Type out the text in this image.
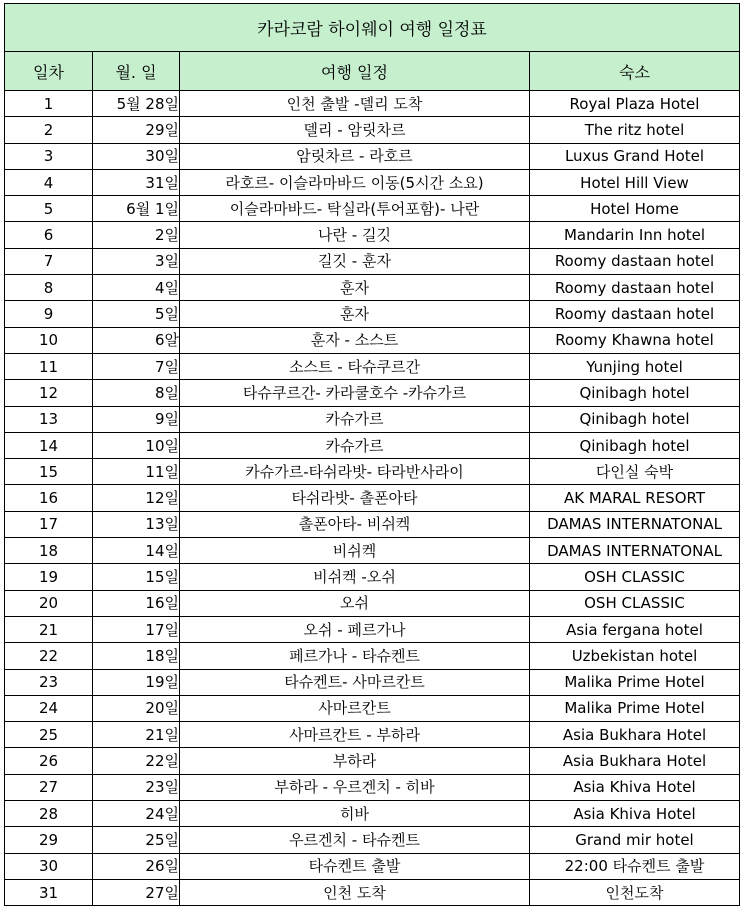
카라코람 하이웨이 여행 일정표			
일차	월. 일	여행 일정	숙소
1	5월 28일	인천 출발 -델리 도착	Royal Plaza Hotel
2	29일	델리 - 암릿차르	The ritz hotel
3	30일	암릿차르 - 라호르	Luxus Grand Hotel
4	31일	라호르- 이슬라마바드 이동(5시간 소요)	Hotel Hill View
5	6월 1일	이슬라마바드- 탁실라(투어포함)- 나란	Hotel Home
6	2일	나란 - 길깃	Mandarin Inn hotel
7	3일	길깃 - 훈자	Roomy dastaan hotel
8	4일	훈자	Roomy dastaan hotel
9	5일	훈자	Roomy dastaan hotel
10	6알	훈자 - 소스트	Roomy Khawna hotel
11	7일	소스트 - 타슈쿠르간	Yunjing hotel
12	8일	타슈쿠르간- 카라쿨호수 -카슈가르	Qinibagh hotel
13	9일	카슈가르	Qinibagh hotel
14	10일	카슈가르	Qinibagh hotel
15	11일	카슈가르-타쉬라밧- 타라반사라이	다인실 숙박
16	12일	타쉬라밧- 촐폰아타	AK MARAL RESORT
17	13일	촐폰아타- 비쉬켁	DAMAS INTERNATONAL
18	14일	비쉬켁	DAMAS INTERNATONAL
19	15일	비쉬켁 -오쉬	OSH CLASSIC
20	16일	오쉬	OSH CLASSIC
21	17일	오쉬 - 페르가나	Asia fergana hotel
22	18일	페르가나 - 타슈켄트	Uzbekistan hotel
23	19일	타슈켄트- 사마르칸트	Malika Prime Hotel
24	20일	사마르칸트	Malika Prime Hotel
25	21일	사마르칸트 - 부하라	Asia Bukhara Hotel
26	22일	부하라	Asia Bukhara Hotel
27	23일	부하라 - 우르겐치 - 히바	Asia Khiva Hotel
28	24일	히바	Asia Khiva Hotel
29	25일	우르겐치 - 타슈켄트	Grand mir hotel
30	26일	타슈켄트 출발	22:00 타슈켄트 출발
31	27일	인천 도착	인천도착
